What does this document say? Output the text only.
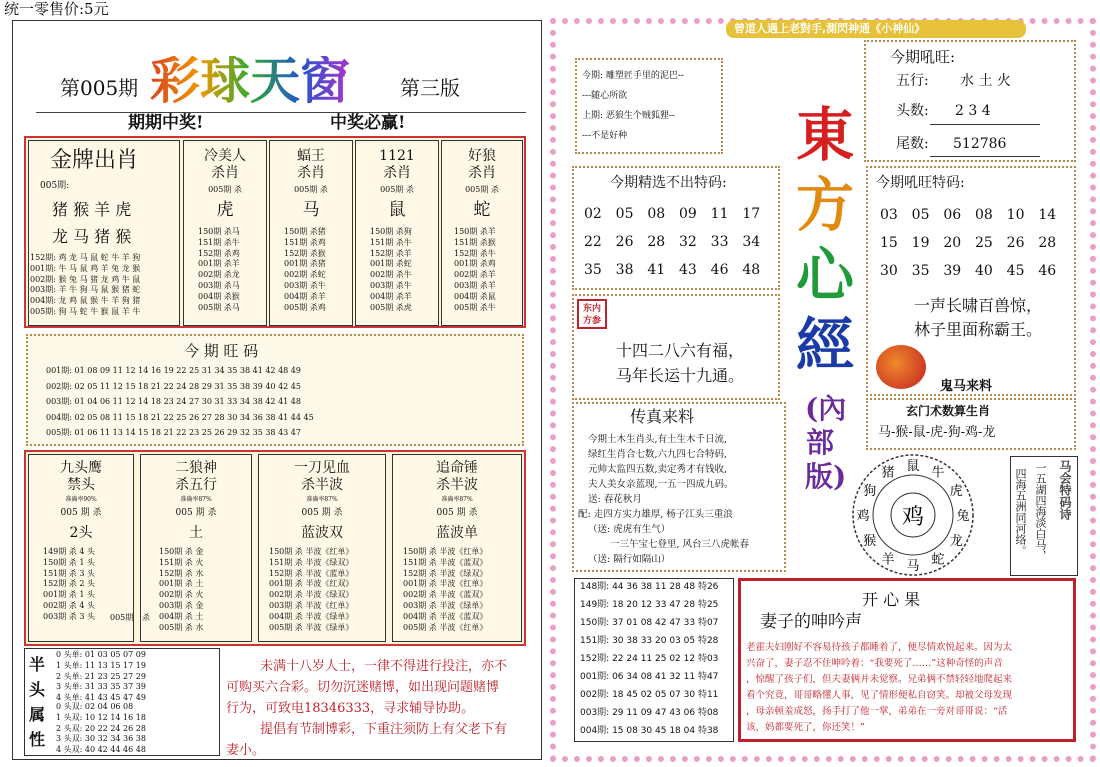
统一零售价:5元
第005期 彩球天窗	第三版
期期中奖!	中奖必赢!
金牌出肖
005期:
猪 猴 羊 虎
龙 马 猪 猴
152期: 鸡 龙 马 鼠 蛇 牛 羊 狗
001期: 牛 马 鼠 鸡 羊 兔 龙 猴
002期: 猴 兔 马 猪 龙 鸡 牛 鼠
003期: 羊 牛 狗 马 鼠 猴 猪 蛇
004期: 龙 鸡 鼠 猴 牛 羊 狗 猪
005期: 狗 马 蛇 牛 猴 鼠 羊 牛
冷美人
杀肖
005期 杀
虎
150期 杀马
151期 杀牛
152期 杀鸡
001期 杀羊
002期 杀龙
003期 杀马
004期 杀猴
005期 杀马
蝠王
杀肖
005期 杀
马
150期 杀猪
151期 杀鸡
152期 杀猴
001期 杀猪
002期 杀蛇
003期 杀牛
004期 杀羊
005期 杀鸡
1121
杀肖
005期 杀
鼠
150期 杀狗
151期 杀牛
152期 杀羊
001期 杀蛇
002期 杀牛
003期 杀牛
004期 杀羊
005期 杀虎
好狼
杀肖
005期 杀
蛇
150期 杀羊
151期 杀猴
152期 杀牛
001期 杀鸡
002期 杀羊
003期 杀羊
004期 杀鼠
005期 杀牛
今 期 旺 码
001期: 01 08 09 11 12 14 16 19 22 25 31 34 35 38 41 42 48 49
002期: 02 05 11 12 15 18 21 22 24 28 29 31 35 38 39 40 42 45
003期: 01 04 06 11 12 14 18 23 24 27 30 31 33 34 38 42 41 48
004期: 02 05 08 11 15 18 21 22 25 26 27 28 30 34 36 38 41 44 45
005期: 01 06 11 13 14 15 18 21 22 23 25 26 29 32 35 38 43 47
九头鹰
禁头
准确率90%
005 期 杀
2头
149期 杀 4 头
150期 杀 1 头
151期 杀 3 头
152期 杀 2 头
001期 杀 1 头
002期 杀 4 头
003期 杀 3 头	005期
二狼神
杀五行
准确率87%
005 期 杀
土
150期 杀 金
151期 杀 火
152期 杀 水
001期 杀 土
002期 杀 火
003期 杀 金
004期 杀 土
005期 杀 水
杀
一刀见血
杀半波
准确率87%
005 期 杀
蓝波双
150期 杀 半波《红单》
151期 杀 半波《绿双》
152期 杀 半波《蓝单》
001期 杀 半波《红双》
002期 杀 半波《绿双》
003期 杀 半波《红单》
004期 杀 半波《绿单》
005期 杀 半波《绿单》
追命锤
杀半波
准确率87%
005 期 杀
蓝波单
150期 杀 半波《红单》
151期 杀 半波《蓝双》
152期 杀 半波《绿双》
001期 杀 半波《红单》
002期 杀 半波《蓝双》
003期 杀 半波《绿单》
004期 杀 半波《蓝双》
005期 杀 半波《红单》
半头属性
0 头单: 01 03 05 07 09
1 头单: 11 13 15 17 19
2 头单: 21 23 25 27 29
3 头单: 31 33 35 37 39
4 头单: 41 43 45 47 49
0 头双: 02 04 06 08
1 头双: 10 12 14 16 18
2 头双: 20 22 24 26 28
3 头双: 30 32 34 36 38
4 头双: 40 42 44 46 48
未满十八岁人士，一律不得进行投注，亦不
可购买六合彩。切勿沉迷赌博，如出现问题赌博
行为，可致电18346333，寻求辅导协助。
提倡有节制博彩，下重注须防上有父老下有
妻小。
曾道人遇上老對手,測閃神通《小神仙》
今期: 雕塑匠手里的泥巴--
---随心所欲
上期: 恶狼生个贼狐狸--
---不是好种	東
方
心
經
(內部版)
今期吼旺:
五行: 水 土 火
头数: 2 3 4
尾数: 512786
今期精选不出特码:
02 05 08 09 11 17
22 26 28 32 33 34
35 38 41 43 46 48
今期吼旺特码:
03 05 06 08 10 14
15 19 20 25 26 28
30 35 39 40 45 46
一声长啸百兽惊，
林子里面称霸王。
鬼马来料
东内方参
十四二八六有福，
马年长运十九通。
玄门术数算生肖
马-猴-鼠-虎-狗-鸡-龙
传真来料
今期土木生肖头,有土生木千日流,
绿红生肖合七数,六九四七合特码,
元帅太监四五数,卖定秀才有钱收,
夫人美女亲蓝现,一五一四成九码。
送: 春花秋月
配: 走四方实力雄厚, 杨子江头三重浪
（送: 虎虎有生气）
一三午宝七登里, 风台三八虎帐春
（送: 隔行如隔山）
鼠 牛
虎
兔
龙
蛇
马
羊
猴
鸡
狗
猪
鸡	马会特码诗
一五湖四海淡白马，
四海五洲同河络。
148期: 44 36 38 11 28 48 特26
149期: 18 20 12 33 47 28 特25
150期: 37 01 08 42 47 33 特07
151期: 30 38 33 20 03 05 特28
152期: 22 24 11 25 02 12 特03
001期: 06 34 08 41 32 11 特47
002期: 18 45 02 05 07 30 特11
003期: 29 11 09 47 43 06 特08
004期: 15 08 30 45 18 04 特38
开 心 果
妻子的呻吟声
老霍夫妇刚好不容易待孩子都睡着了，便尽情欢悦起来。因为太
兴奋了，妻子忍不住呻吟着：“我要死了……”这种奇怪的声音
，惊醒了孩子们，但夫妻俩并未觉察。兄弟俩不禁轻轻地爬起来
看个究竟，哥哥略懂人事，见了情形便私自窃笑。却被父母发现
，母亲顿羞成怒，扬手打了他一掌，弟弟在一旁对哥哥说：“活
该，妈都要死了，你还笑！”
